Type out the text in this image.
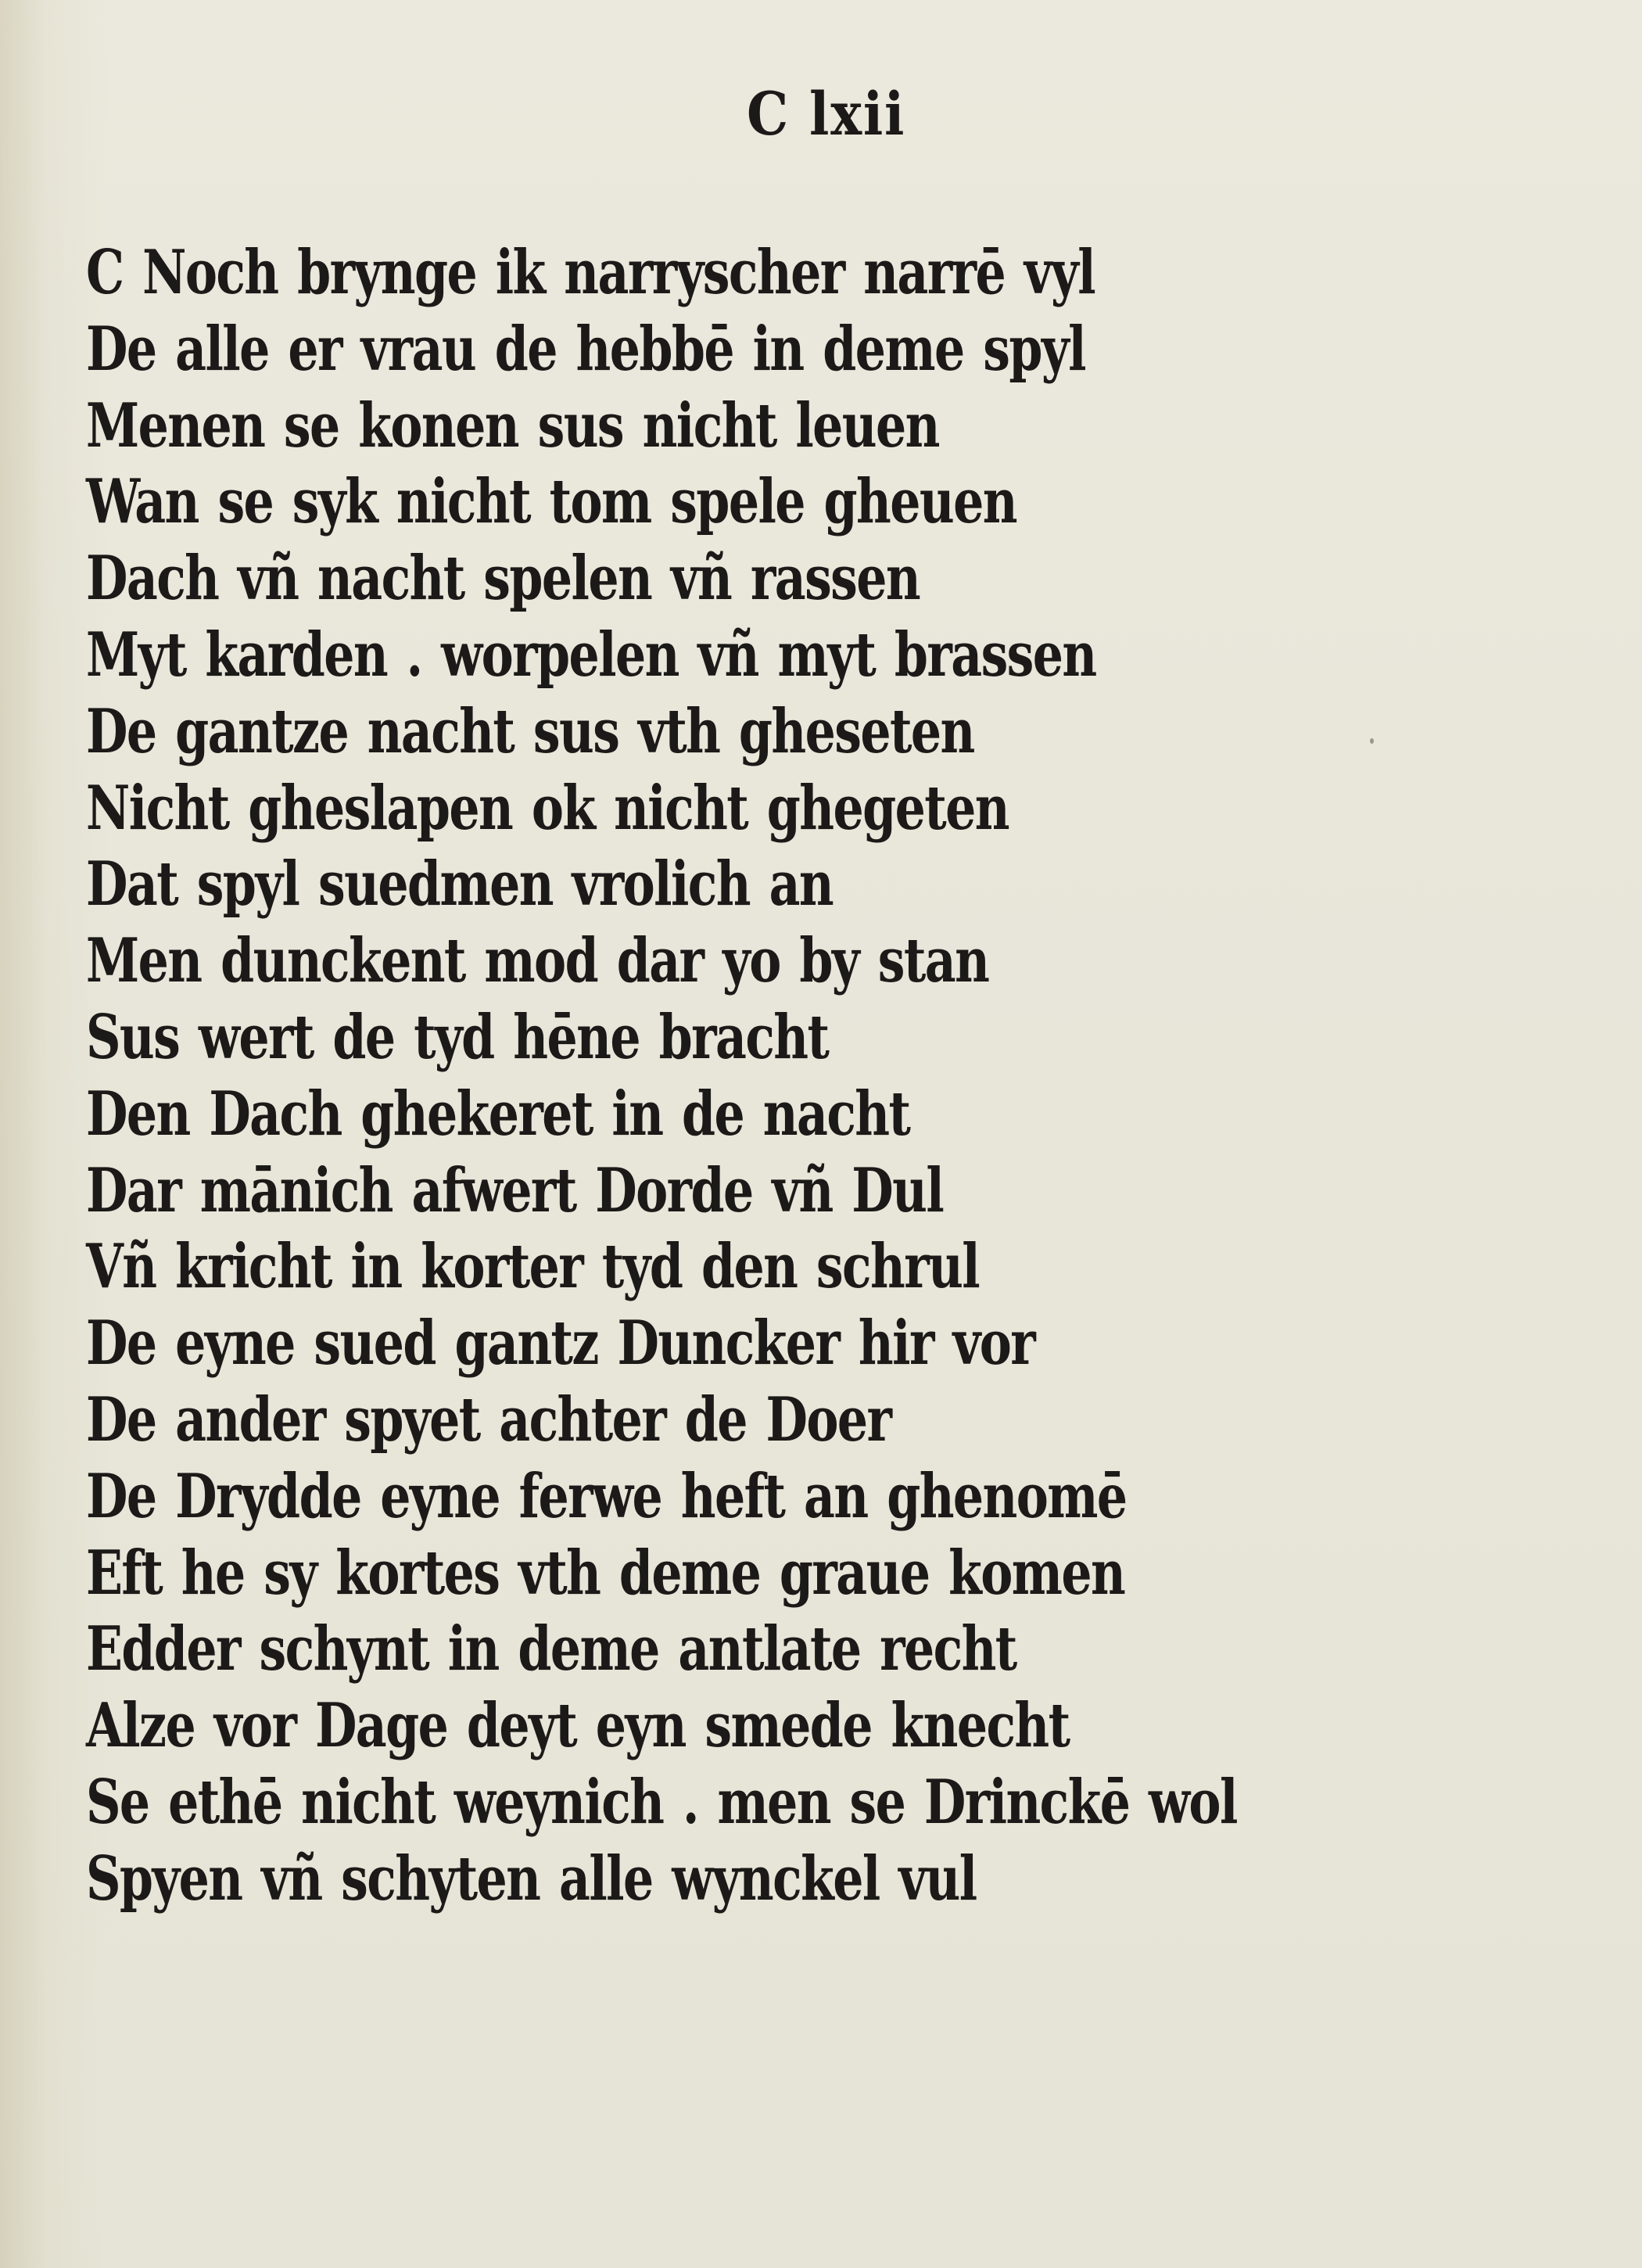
C lxii
C Noch brynge ik narryscher narrē vyl
De alle er vrau de hebbē in deme spyl
Menen se konen sus nicht leuen
Wan se syk nicht tom spele gheuen
Dach vñ nacht spelen vñ rassen
Myt karden . worpelen vñ myt brassen
De gantze nacht sus vth gheseten
Nicht gheslapen ok nicht ghegeten
Dat spyl suedmen vrolich an
Men dunckent mod dar yo by stan
Sus wert de tyd hēne bracht
Den Dach ghekeret in de nacht
Dar mānich afwert Dorde vñ Dul
Vñ kricht in korter tyd den schrul
De eyne sued gantz Duncker hir vor
De ander spyet achter de Doer
De Drydde eyne ferwe heft an ghenomē
Eft he sy kortes vth deme graue komen
Edder schynt in deme antlate recht
Alze vor Dage deyt eyn smede knecht
Se ethē nicht weynich . men se Drinckē wol
Spyen vñ schyten alle wynckel vul
